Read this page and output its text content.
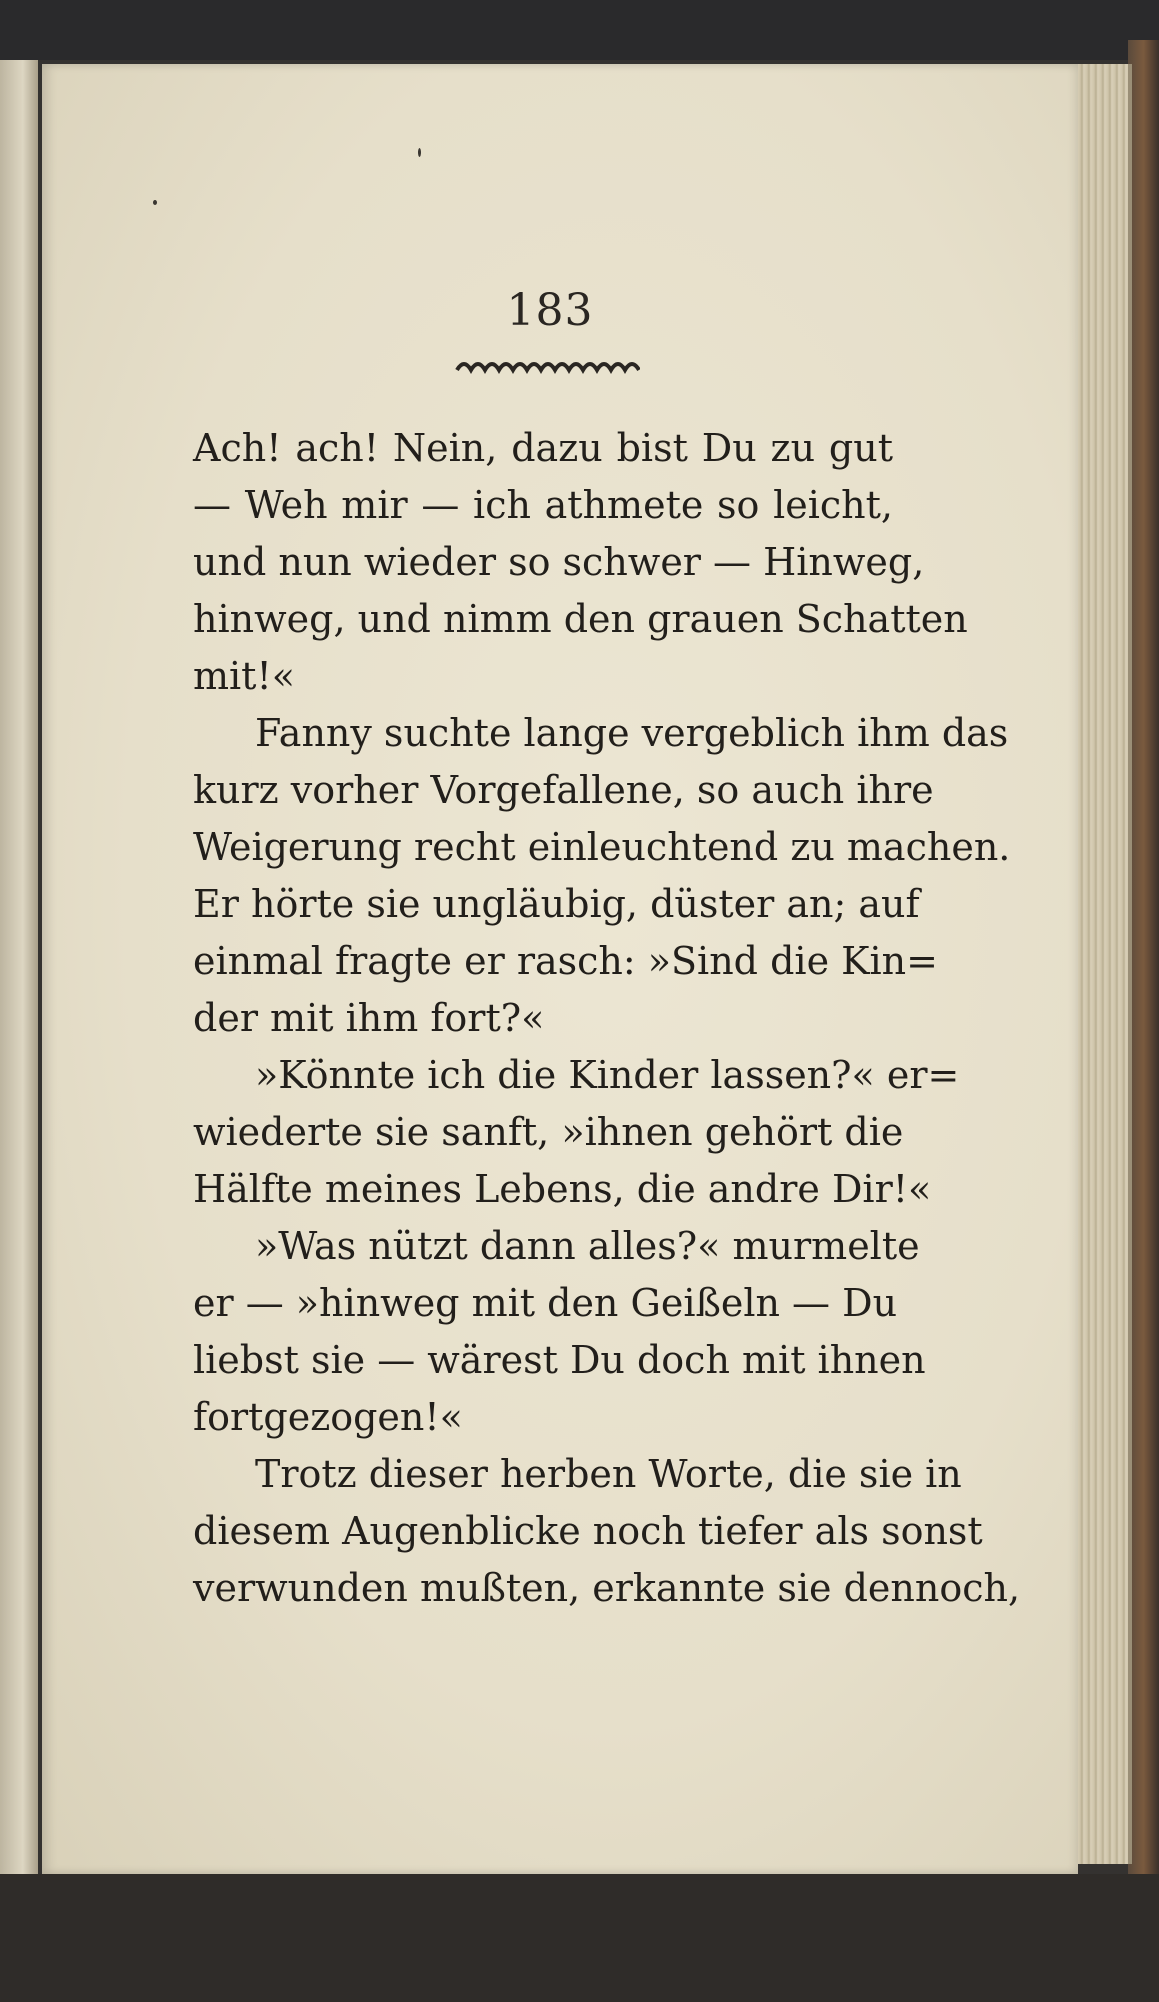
183
Ach! ach! Nein, dazu bist Du zu gut
— Weh mir — ich athmete so leicht,
und nun wieder so schwer — Hinweg,
hinweg, und nimm den grauen Schatten
mit!«
Fanny suchte lange vergeblich ihm das
kurz vorher Vorgefallene, so auch ihre
Weigerung recht einleuchtend zu machen.
Er hörte sie ungläubig, düster an; auf
einmal fragte er rasch: »Sind die Kin=
der mit ihm fort?«
»Könnte ich die Kinder lassen?« er=
wiederte sie sanft, »ihnen gehört die
Hälfte meines Lebens, die andre Dir!«
»Was nützt dann alles?« murmelte
er — »hinweg mit den Geißeln — Du
liebst sie — wärest Du doch mit ihnen
fortgezogen!«
Trotz dieser herben Worte, die sie in
diesem Augenblicke noch tiefer als sonst
verwunden mußten, erkannte sie dennoch,
